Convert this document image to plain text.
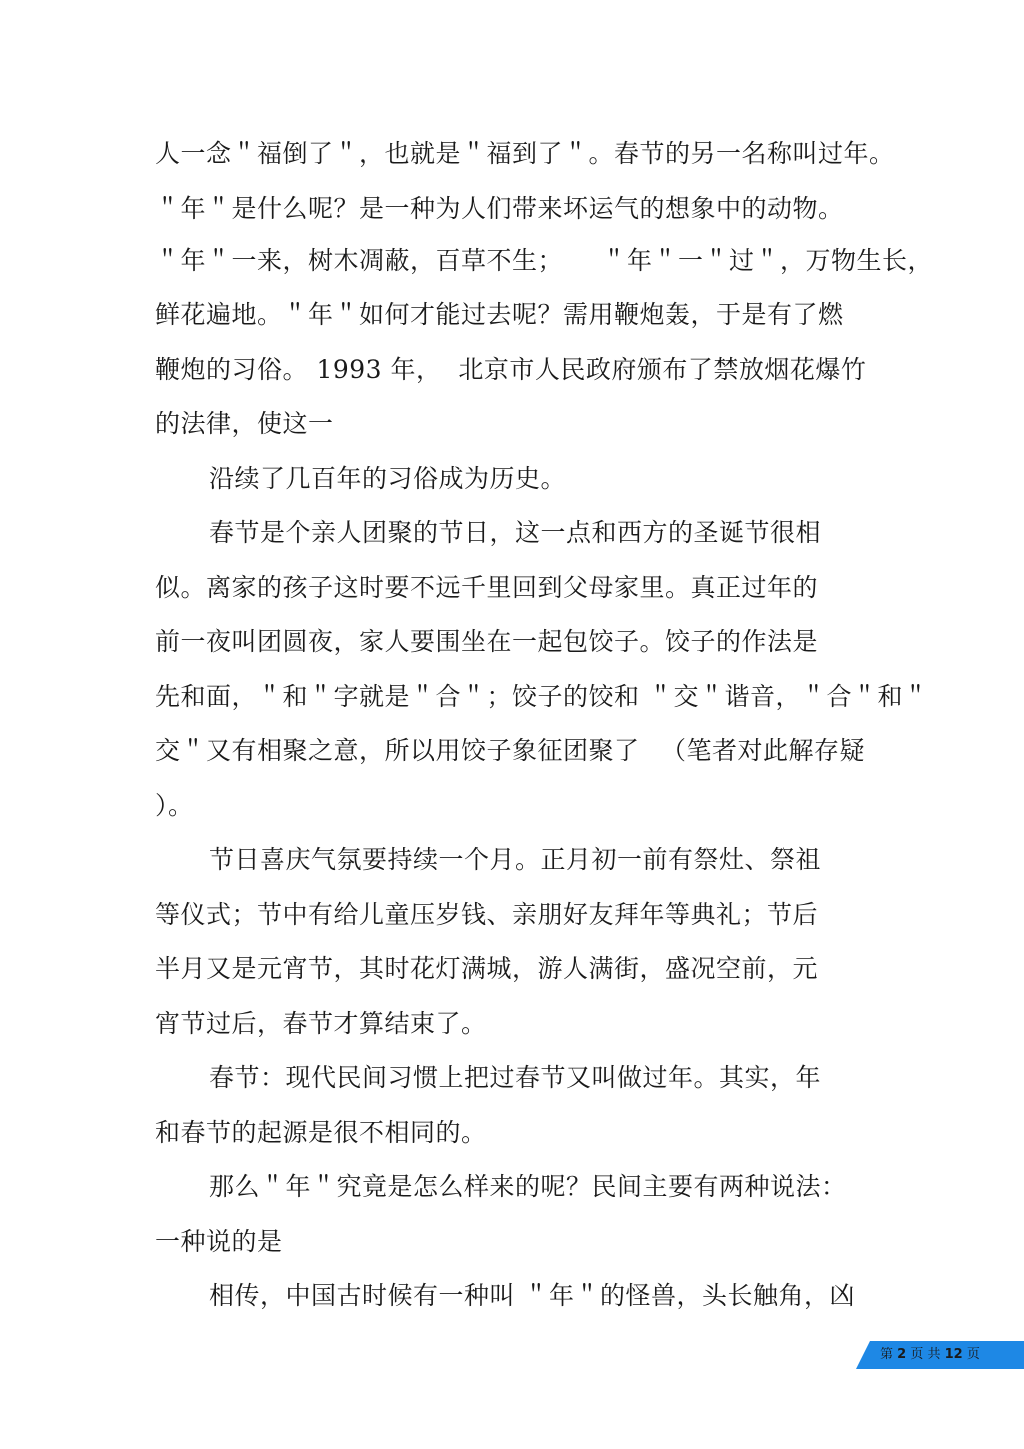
人一念＂福倒了＂，也就是＂福到了＂。春节的另一名称叫过年。
＂年＂是什么呢？是一种为人们带来坏运气的想象中的动物。
＂年＂一来，树木凋蔽，百草不生；　　＂年＂一＂过＂，万物生长，
鲜花遍地。＂年＂如何才能过去呢？需用鞭炮轰，于是有了燃
鞭炮的习俗。 1993 年，  北京市人民政府颁布了禁放烟花爆竹
的法律，使这一
沿续了几百年的习俗成为历史。
春节是个亲人团聚的节日，这一点和西方的圣诞节很相
似。离家的孩子这时要不远千里回到父母家里。真正过年的
前一夜叫团圆夜，家人要围坐在一起包饺子。饺子的作法是
先和面，＂和＂字就是＂合＂；饺子的饺和 ＂交＂谐音，＂合＂和＂
交＂又有相聚之意，所以用饺子象征团聚了 　（笔者对此解存疑
）。
节日喜庆气氛要持续一个月。正月初一前有祭灶、祭祖
等仪式；节中有给儿童压岁钱、亲朋好友拜年等典礼；节后
半月又是元宵节，其时花灯满城，游人满街，盛况空前，元
宵节过后，春节才算结束了。
春节：现代民间习惯上把过春节又叫做过年。其实，年
和春节的起源是很不相同的。
那么＂年＂究竟是怎么样来的呢？民间主要有两种说法：
一种说的是
相传，中国古时候有一种叫 ＂年＂的怪兽，头长触角，凶
第 2 页 共 12 页
